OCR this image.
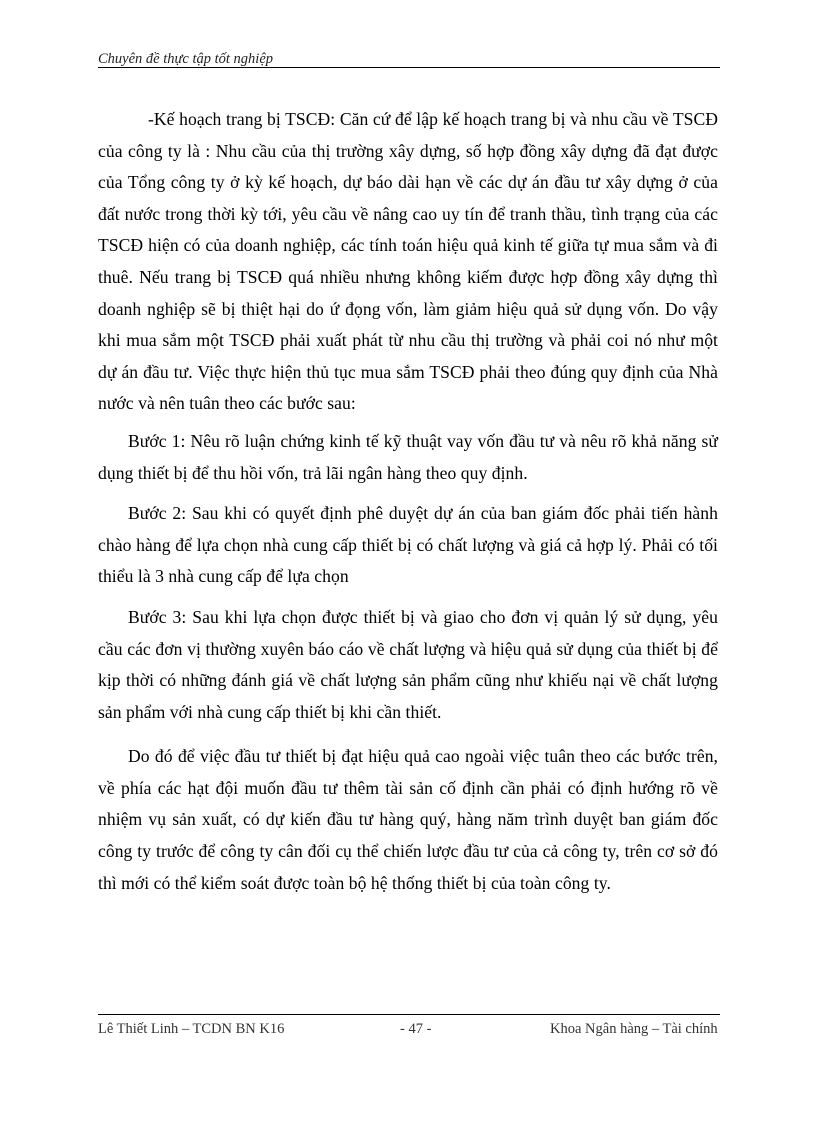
Chuyên đề thực tập tốt nghiệp

-Kế hoạch trang bị TSCĐ: Căn cứ để lập kế hoạch trang bị và nhu cầu về TSCĐ của công ty là : Nhu cầu của thị trường xây dựng, số hợp đồng xây dựng đã đạt được của Tổng công ty ở kỳ kế hoạch, dự báo dài hạn về các dự án đầu tư xây dựng ở của đất nước trong thời kỳ tới, yêu cầu về nâng cao uy tín để tranh thầu, tình trạng của các TSCĐ hiện có của doanh nghiệp, các tính toán hiệu quả kinh tế giữa tự mua sắm và đi thuê. Nếu trang bị TSCĐ quá nhiều nhưng không kiếm được hợp đồng xây dựng thì doanh nghiệp sẽ bị thiệt hại do ứ đọng vốn, làm giảm hiệu quả sử dụng vốn. Do vậy khi mua sắm một TSCĐ phải xuất phát từ nhu cầu thị trường và phải coi nó như một dự án đầu tư. Việc thực hiện thủ tục mua sắm TSCĐ phải theo đúng quy định của Nhà nước và nên tuân theo các bước sau:

Bước 1: Nêu rõ luận chứng kinh tế kỹ thuật vay vốn đầu tư và nêu rõ khả năng sử dụng thiết bị để thu hồi vốn, trả lãi ngân hàng theo quy định.

Bước 2: Sau khi có quyết định phê duyệt dự án của ban giám đốc phải tiến hành chào hàng để lựa chọn nhà cung cấp thiết bị có chất lượng và giá cả hợp lý. Phải có tối thiểu là 3 nhà cung cấp để lựa chọn

Bước 3: Sau khi lựa chọn được thiết bị và giao cho đơn vị quản lý sử dụng, yêu cầu các đơn vị thường xuyên báo cáo về chất lượng và hiệu quả sử dụng của thiết bị để kịp thời có những đánh giá về chất lượng sản phẩm cũng như khiếu nại về chất lượng sản phẩm với nhà cung cấp thiết bị khi cần thiết.

Do đó để việc đầu tư thiết bị đạt hiệu quả cao ngoài việc tuân theo các bước trên, về phía các hạt đội muốn đầu tư thêm tài sản cố định cần phải có định hướng rõ về nhiệm vụ sản xuất, có dự kiến đầu tư hàng quý, hàng năm trình duyệt ban giám đốc công ty trước để công ty cân đối cụ thể chiến lược đầu tư của cả công ty, trên cơ sở đó thì mới có thể kiểm soát được toàn bộ hệ thống thiết bị của toàn công ty.

Lê Thiết Linh – TCDN BN K16	- 47 -	Khoa Ngân hàng – Tài chính
